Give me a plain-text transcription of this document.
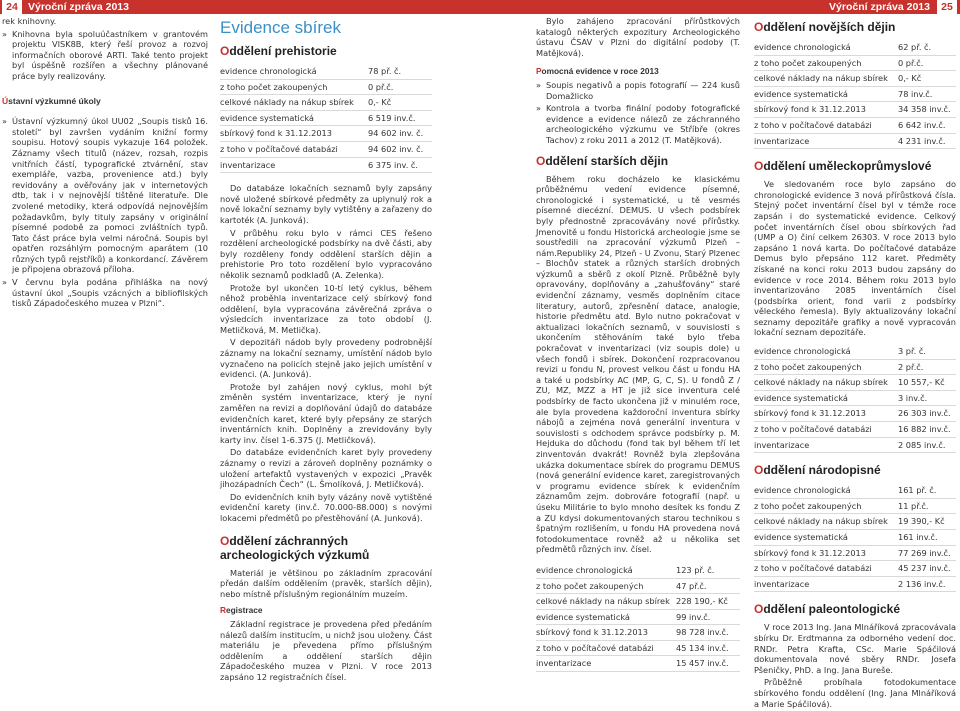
24 Výroční zpráva 2013	Výroční zpráva 2013	25

rek knihovny.

» Knihovna byla spoluúčastníkem v grantovém projektu VISK8B, který řeší provoz a rozvoj informačních oborové ARTI. Také tento projekt byl úspěšně rozšířen a všechny plánované práce byly realizovány.
Ústavní výzkumné úkoly
» Ústavní výzkumný úkol UU02 „Soupis tisků 16. století“ byl završen vydáním knižní formy soupisu. Hotový soupis vykazuje 164 položek. Záznamy všech titulů (název, rozsah, rozpis vnitřních částí, typografické ztvárnění, stav exempláře, vazba, provenience atd.) byly revidovány a ověřovány jak v internetových dtb, tak i v nejnovější tištěné literatuře. Dle zvolené metodiky, která odpovídá nejnovějším požadavkům, byly tituly zapsány v originální písemné podobě za pomoci zvláštních typů. Tato část práce byla velmi náročná. Soupis byl opatřen rozsáhlým pomocným aparátem (10 různých typů rejstříků) a konkordancí. Závěrem je připojena obrazová příloha.
» V červnu byla podána přihláška na nový ústavní úkol „Soupis vzácných a bibliofilských tisků Západočeského muzea v Plzni“.
Evidence sbírek
Oddělení prehistorie
evidence chronologická	78 př. č.
z toho počet zakoupených	0 př.č.
celkové náklady na nákup sbírek	0,- Kč
evidence systematická	6 519 inv.č.
sbírkový fond k 31.12.2013	94 602 inv. č.
z toho v počítačové databázi	94 602 inv. č.
inventarizace	6 375 inv. č.

Do databáze lokačních seznamů byly zapsány nově uložené sbírkové předměty za uplynulý rok a nově lokační seznamy byly vytištěny a zařazeny do kartoték (A. Junková).

V průběhu roku bylo v rámci CES řešeno rozdělení archeologické podsbírky na dvě části, aby byly rozděleny fondy oddělení starších dějin a prehistorie Pro toto rozdělení bylo vypracováno několik seznamů podkladů (A. Zelenka).

Protože byl ukončen 10-tí letý cyklus, během něhož proběhla inventarizace celý sbírkový fond oddělení, byla vypracována závěrečná zpráva o výsledcích inventarizace za toto období (J. Metličková, M. Metlička).

V depozitáři nádob byly provedeny podrobnější záznamy na lokační seznamy, umístění nádob bylo vyznačeno na policích stejně jako jejich umístění v evidenci. (A. Junková).

Protože byl zahájen nový cyklus, mohl být změněn systém inventarizace, který je nyní zaměřen na revizi a doplňování údajů do databáze evidenčních karet, které byly přepsány ze starých inventárních knih. Doplněny a zrevidovány byly karty inv. čísel 1-6.375 (J. Metličková).

Do databáze evidenčních karet byly provedeny záznamy o revizi a zároveň doplněny poznámky o uložení artefaktů vystavených v expozici „Pravěk jihozápadních Čech“ (L. Šmolíková, J. Metličková).

Do evidenčních knih byly vázány nově vytištěné evidenční karety (inv.č. 70.000-88.000) s novými lokacemi předmětů po přestěhování (A. Junková).

Oddělení záchranných archeologických výzkumů

Materiál je většinou po základním zpracování předán dalším oddělením (pravěk, starších dějin), nebo místně příslušným regionálním muzeím.

Registrace

Základní registrace je provedena před předáním nálezů dalším institucím, u nichž jsou uloženy. Část materiálu je převedena přímo příslušným oddělením a oddělení starších dějin Západočeského muzea v Plzni. V roce 2013 zapsáno 12 registračních čísel.

Bylo zahájeno zpracování přírůstkových katalogů některých expozitury Archeologického ústavu ČSAV v Plzni do digitální podoby (T. Matějková).

Pomocná evidence v roce 2013
» Soupis negativů a popis fotografií — 224 kusů Domažlicko
» Kontrola a tvorba finální podoby fotografické evidence a evidence nálezů ze záchranného archeologického výzkumu ve Stříbře (okres Tachov) z roku 2011 a 2012 (T. Matějková).
Oddělení starších dějin

Během roku docházelo ke klasickému průběžnému vedení evidence písemné, chronologické i systematické, u tě vesmés písemné diecézní. DEMUS. U všech podsbírek byly přednostně zpracovávány nové přírůstky. Jmenovitě u fondu Historická archeologie jsme se soustředili na zpracování výzkumů Plzeň – nám.Republiky 24, Plzeň - U Zvonu, Starý Plzenec – Blochův statek a různých starších drobných výzkumů a sběrů z okolí Plzně. Průběžně byly opravovány, doplňovány a „zahušťovány“ staré evidenční záznamy, vesměs doplněním citace literatury, autorů, zpřesnění datace, analogie, historie předmětu atd. Bylo nutno pokračovat v aktualizaci lokačních seznamů, v souvislosti s ukončením stěhováním také bylo třeba pokračovat v inventarizaci (viz soupis dole) u všech fondů i sbírek. Dokončení rozpracovanou revizi u fondu N, provest velkou část u fondu HA a také u podsbírky AC (MP, G, C, S). U fondů Z / ZU, MZ, MZZ a HT je již sice inventura celé podsbírky de facto ukončena již v minulém roce, ale byla provedena každoroční inventura sbírky nábojů a zejména nová generální inventura v souvislosti s odchodem správce podsbírky p. M. Hejduka do důchodu (fond tak byl během tří let zinventován dvakrát! Rovněž byla zlepšována ukázka dokumentace sbírek do programu DEMUS (nová generální evidence karet, zaregistrovaných v programu evidence sbírek k evidenčním záznamům zejm. dobrováre fotografií (např. u úseku Militárie to bylo mnoho desítek ks fondu Z a ZU kdysi dokumentovaných starou technikou s špatným rozlišením, u fondu HA provedena nová fotodokumentace rovněž až u několika set předmětů různých inv. čísel.

evidence chronologická	123 př. č.
z toho počet zakoupených	47 př.č.
celkové náklady na nákup sbírek	228 190,- Kč
evidence systematická	99 inv.č.
sbírkový fond k 31.12.2013	98 728 inv.č.
z toho v počítačové databázi	45 134 inv.č.
inventarizace	15 457 inv.č.
Oddělení novějších dějin
evidence chronologická	62 př. č.
z toho počet zakoupených	0 př.č.
celkové náklady na nákup sbírek	0,- Kč
evidence systematická	78 inv.č.
sbírkový fond k 31.12.2013	34 358 inv.č.
z toho v počítačové databázi	6 642 inv.č.
inventarizace	4 231 inv.č.
Oddělení uměleckoprůmyslové

Ve sledovaném roce bylo zapsáno do chronologické evidence 3 nová přírůstková čísla. Stejný počet inventární čísel byl v témže roce zapsán i do systematické evidence. Celkový počet inventárních čísel obou sbírkových řad (UMP a O) činí celkem 26303. V roce 2013 bylo zapsáno 1 nová karta. Do počítačové databáze Demus bylo přepsáno 112 karet. Předměty získané na konci roku 2013 budou zapsány do evidence v roce 2014. Během roku 2013 bylo inventarizováno 2085 inventárních čísel (podsbírka orient, fond varii z podsbírky věleckého řemesla). Byly aktualizovány lokační seznamy depozitáře grafiky a nově vypracován lokační seznam depozitáře.

evidence chronologická	3 př. č.
z toho počet zakoupených	2 př.č.
celkové náklady na nákup sbírek	10 557,- Kč
evidence systematická	3 inv.č.
sbírkový fond k 31.12.2013	26 303 inv.č.
z toho v počítačové databázi	16 882 inv.č.
inventarizace	2 085 inv.č.
Oddělení národopisné
evidence chronologická	161 př. č.
z toho počet zakoupených	11 př.č.
celkové náklady na nákup sbírek	19 390,- Kč
evidence systematická	161 inv.č.
sbírkový fond k 31.12.2013	77 269 inv.č.
z toho v počítačové databázi	45 237 inv.č.
inventarizace	2 136 inv.č.
Oddělení paleontologické

V roce 2013 Ing. Jana Mlnáříková zpracovávala sbírku Dr. Erdtmanna za odborného vedení doc. RNDr. Petra Krafta, CSc. Marie Spáčilová dokumentovala nové sběry RNDr. Josefa Pšeničky, PhD. a Ing. Jana Bureše.

Průběžně probíhala fotodokumentace sbírkového fondu oddělení (Ing. Jana Mlnáříková a Marie Spáčilová).
